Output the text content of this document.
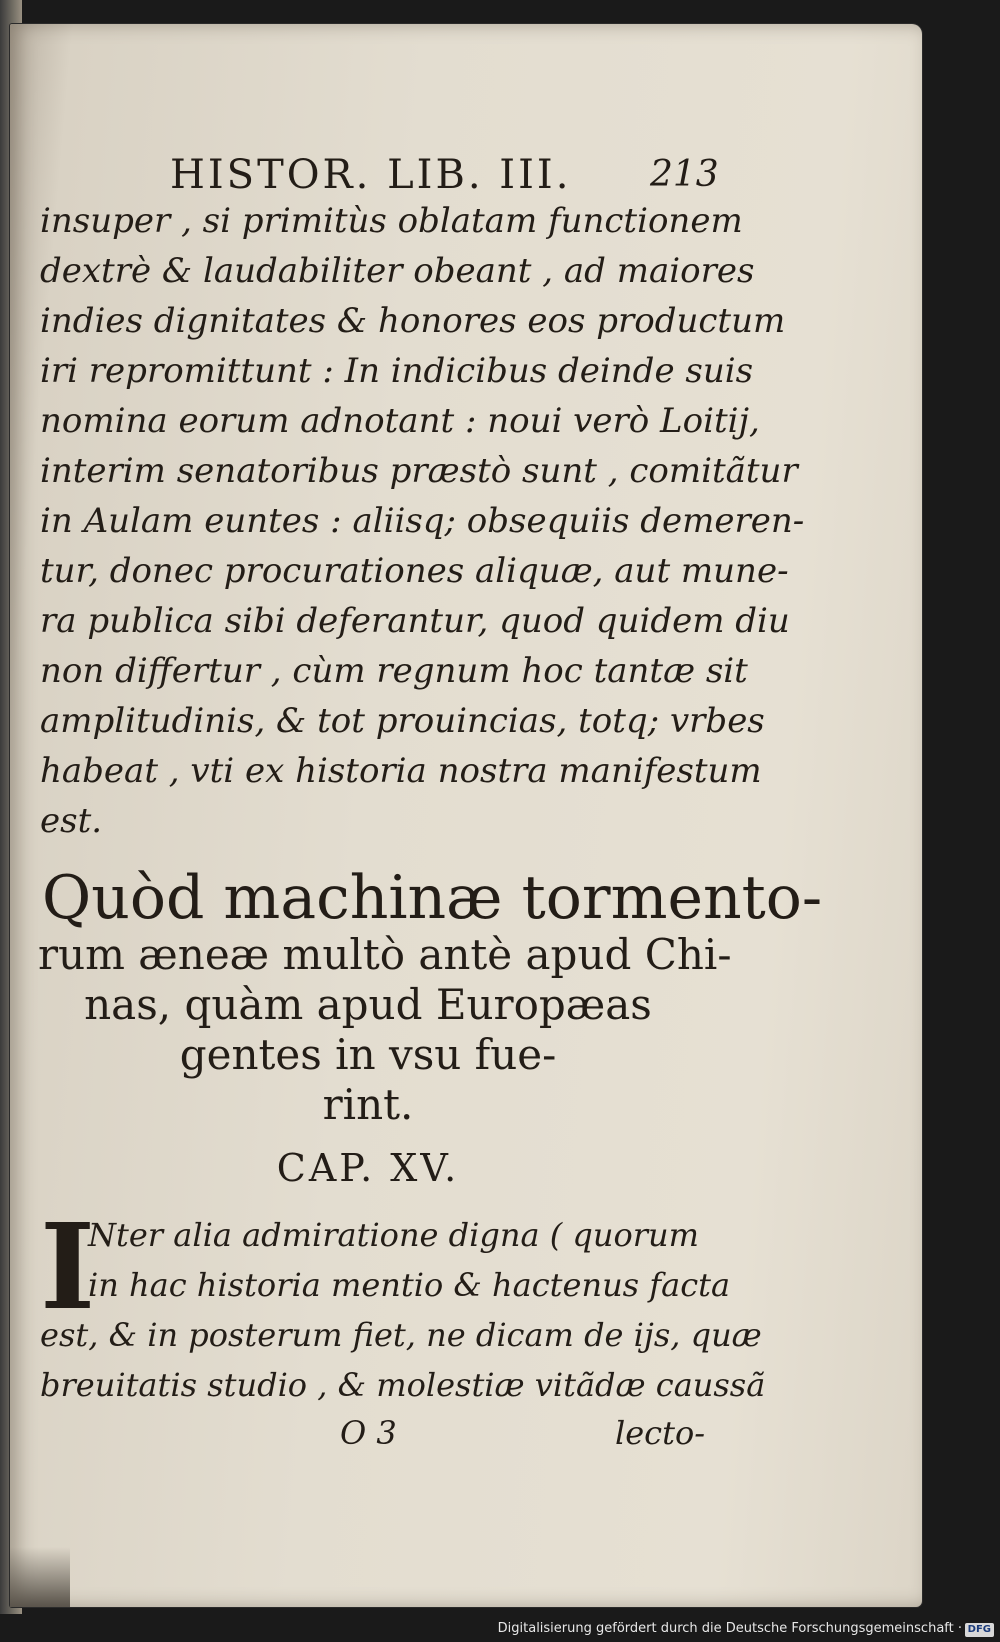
HISTOR. LIB. III.	213
insuper , si primitùs oblatam functionem
dextrè & laudabiliter obeant , ad maiores
indies dignitates & honores eos productum
iri repromittunt : In indicibus deinde suis
nomina eorum adnotant : noui verò Loitij,
interim senatoribus præstò sunt , comitãtur
in Aulam euntes : aliisq; obsequiis demeren-
tur, donec procurationes aliquæ, aut mune-
ra publica sibi deferantur, quod quidem diu
non differtur , cùm regnum hoc tantæ sit
amplitudinis, & tot prouincias, totq; vrbes
habeat , vti ex historia nostra manifestum
est.
Quòd machinæ tormento-
rum æneæ multò antè apud Chi-
nas, quàm apud Europæas
gentes in vsu fue-
rint.
CAP. XV.
I
Nter alia admiratione digna ( quorum
in hac historia mentio & hactenus facta
est, & in posterum fiet, ne dicam de ijs, quæ
breuitatis studio , & molestiæ vitãdæ caussã
O 3	lecto-
Digitalisierung gefördert durch die Deutsche Forschungsgemeinschaft · DFG
